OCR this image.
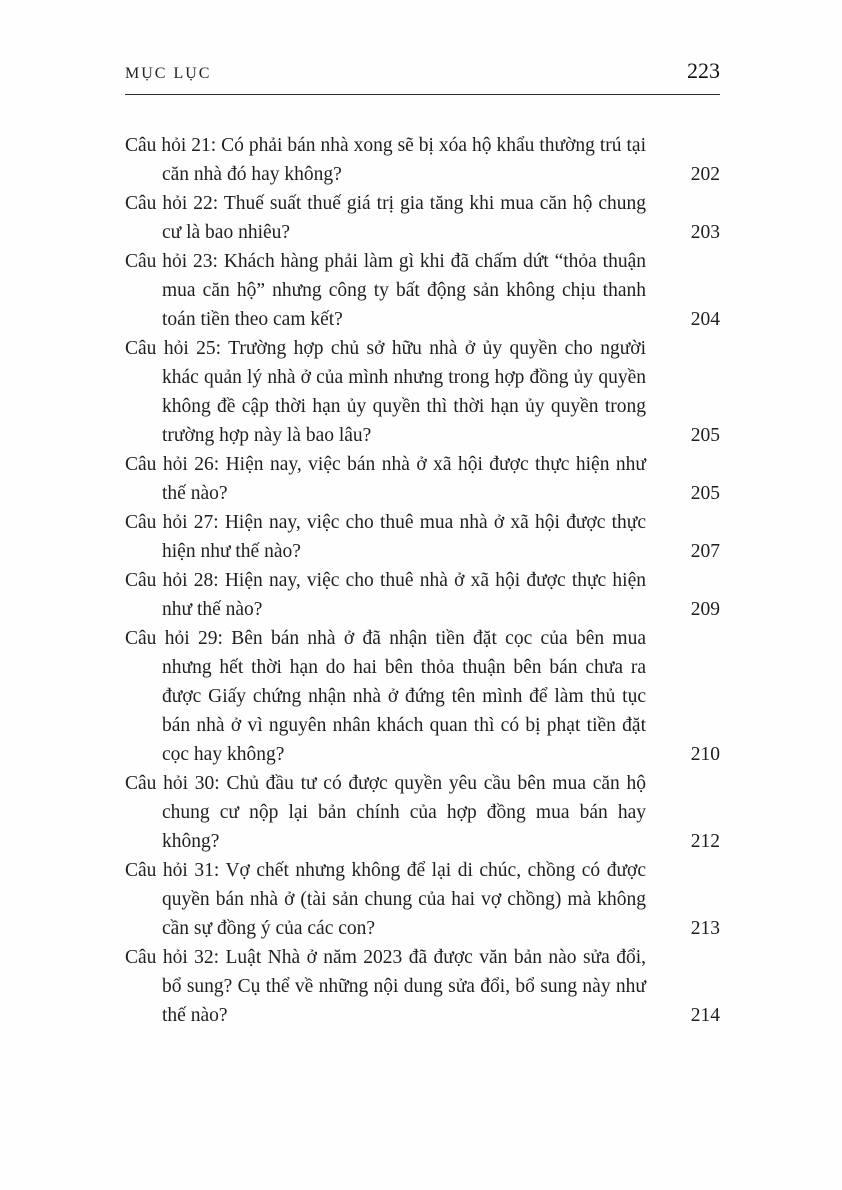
MỤC LỤC	223
Câu hỏi 21: Có phải bán nhà xong sẽ bị xóa hộ khẩu thường trú tại căn nhà đó hay không?	202
Câu hỏi 22: Thuế suất thuế giá trị gia tăng khi mua căn hộ chung cư là bao nhiêu?	203
Câu hỏi 23: Khách hàng phải làm gì khi đã chấm dứt “thỏa thuận mua căn hộ” nhưng công ty bất động sản không chịu thanh toán tiền theo cam kết?	204
Câu hỏi 25: Trường hợp chủ sở hữu nhà ở ủy quyền cho người khác quản lý nhà ở của mình nhưng trong hợp đồng ủy quyền không đề cập thời hạn ủy quyền thì thời hạn ủy quyền trong trường hợp này là bao lâu?	205
Câu hỏi 26: Hiện nay, việc bán nhà ở xã hội được thực hiện như thế nào?	205
Câu hỏi 27: Hiện nay, việc cho thuê mua nhà ở xã hội được thực hiện như thế nào?	207
Câu hỏi 28: Hiện nay, việc cho thuê nhà ở xã hội được thực hiện như thế nào?	209
Câu hỏi 29: Bên bán nhà ở đã nhận tiền đặt cọc của bên mua nhưng hết thời hạn do hai bên thỏa thuận bên bán chưa ra được Giấy chứng nhận nhà ở đứng tên mình để làm thủ tục bán nhà ở vì nguyên nhân khách quan thì có bị phạt tiền đặt cọc hay không?	210
Câu hỏi 30: Chủ đầu tư có được quyền yêu cầu bên mua căn hộ chung cư nộp lại bản chính của hợp đồng mua bán hay không?	212
Câu hỏi 31: Vợ chết nhưng không để lại di chúc, chồng có được quyền bán nhà ở (tài sản chung của hai vợ chồng) mà không cần sự đồng ý của các con?	213
Câu hỏi 32: Luật Nhà ở năm 2023 đã được văn bản nào sửa đổi, bổ sung? Cụ thể về những nội dung sửa đổi, bổ sung này như thế nào?	214
